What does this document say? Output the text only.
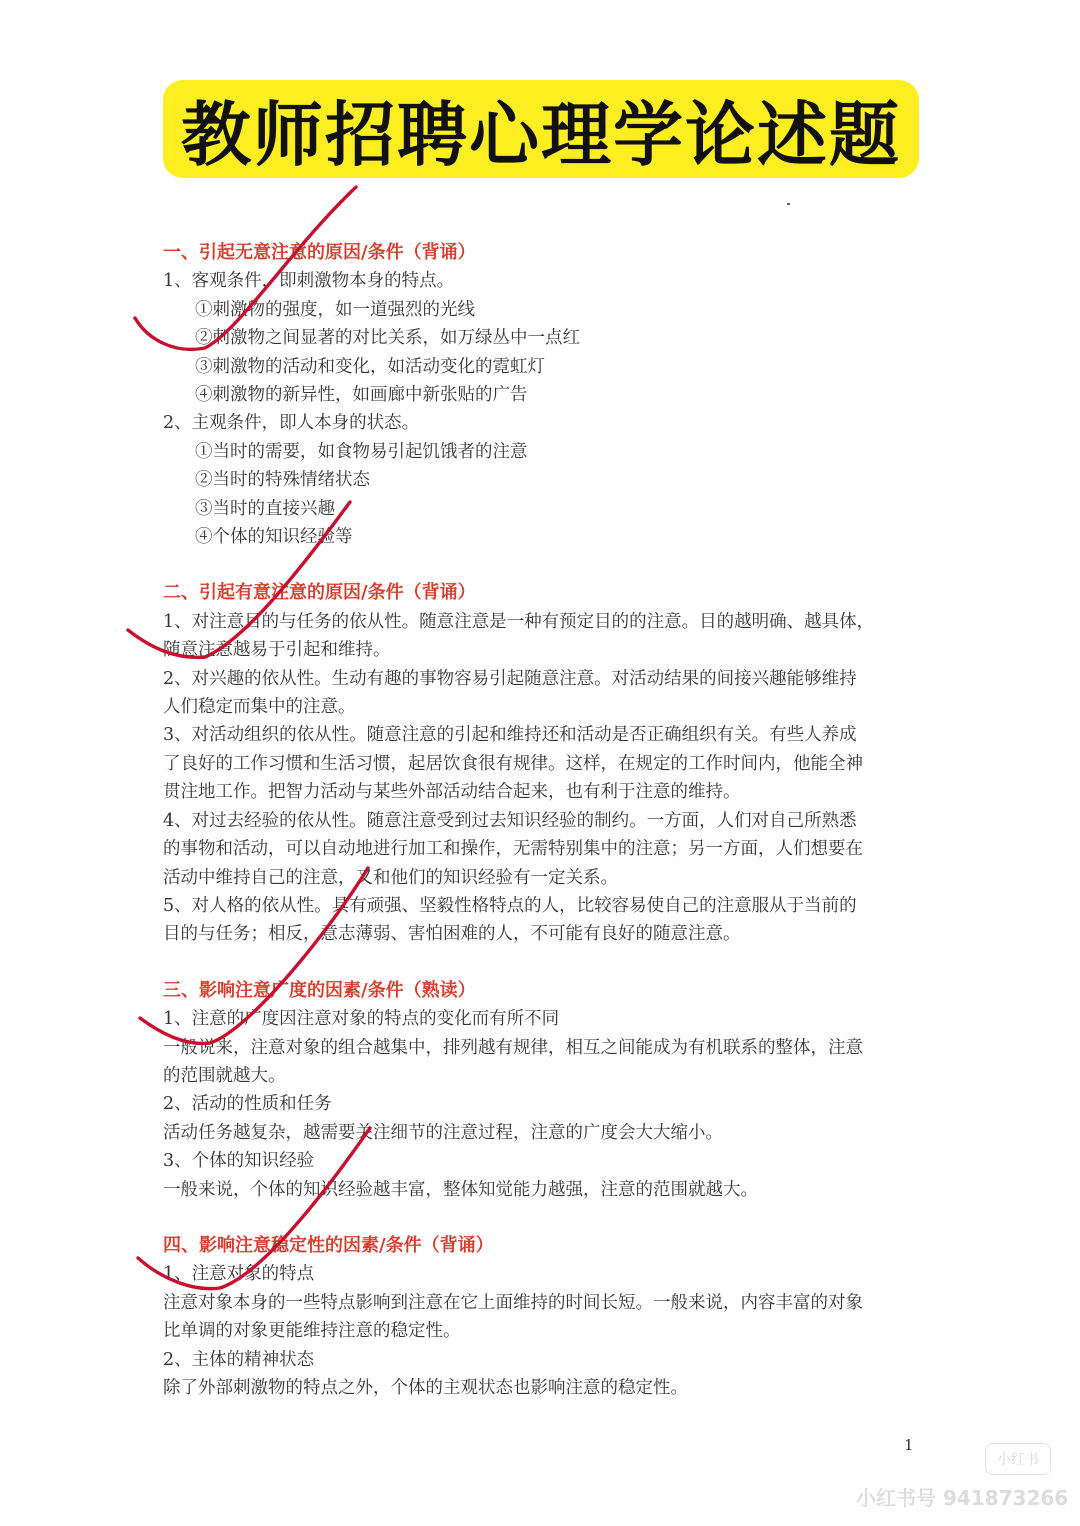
教师招聘心理学论述题
一、引起无意注意的原因/条件（背诵）
1、客观条件，即刺激物本身的特点。
①刺激物的强度，如一道强烈的光线
②刺激物之间显著的对比关系，如万绿丛中一点红
③刺激物的活动和变化，如活动变化的霓虹灯
④刺激物的新异性，如画廊中新张贴的广告
2、主观条件，即人本身的状态。
①当时的需要，如食物易引起饥饿者的注意
②当时的特殊情绪状态
③当时的直接兴趣
④个体的知识经验等
二、引起有意注意的原因/条件（背诵）
1、对注意目的与任务的依从性。随意注意是一种有预定目的的注意。目的越明确、越具体，
随意注意越易于引起和维持。
2、对兴趣的依从性。生动有趣的事物容易引起随意注意。对活动结果的间接兴趣能够维持
人们稳定而集中的注意。
3、对活动组织的依从性。随意注意的引起和维持还和活动是否正确组织有关。有些人养成
了良好的工作习惯和生活习惯，起居饮食很有规律。这样，在规定的工作时间内，他能全神
贯注地工作。把智力活动与某些外部活动结合起来，也有利于注意的维持。
4、对过去经验的依从性。随意注意受到过去知识经验的制约。一方面，人们对自己所熟悉
的事物和活动，可以自动地进行加工和操作，无需特别集中的注意；另一方面，人们想要在
活动中维持自己的注意，又和他们的知识经验有一定关系。
5、对人格的依从性。具有顽强、坚毅性格特点的人，比较容易使自己的注意服从于当前的
目的与任务；相反，意志薄弱、害怕困难的人，不可能有良好的随意注意。
三、影响注意广度的因素/条件（熟读）
1、注意的广度因注意对象的特点的变化而有所不同
一般说来，注意对象的组合越集中，排列越有规律，相互之间能成为有机联系的整体，注意
的范围就越大。
2、活动的性质和任务
活动任务越复杂，越需要关注细节的注意过程，注意的广度会大大缩小。
3、个体的知识经验
一般来说，个体的知识经验越丰富，整体知觉能力越强，注意的范围就越大。
四、影响注意稳定性的因素/条件（背诵）
1、注意对象的特点
注意对象本身的一些特点影响到注意在它上面维持的时间长短。一般来说，内容丰富的对象
比单调的对象更能维持注意的稳定性。
2、主体的精神状态
除了外部刺激物的特点之外，个体的主观状态也影响注意的稳定性。
1
小红书
小红书号 941873266
